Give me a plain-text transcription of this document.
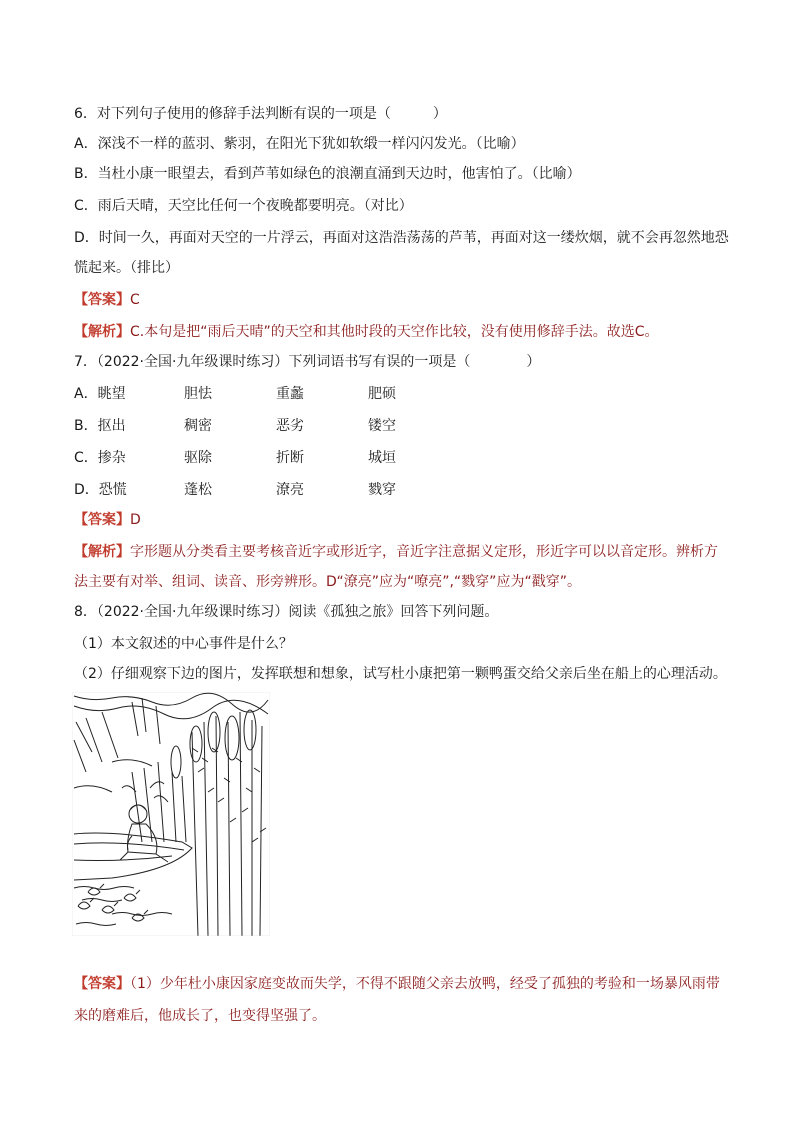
6．对下列句子使用的修辞手法判断有误的一项是（　　　）
A．深浅不一样的蓝羽、紫羽，在阳光下犹如软缎一样闪闪发光。（比喻）
B．当杜小康一眼望去，看到芦苇如绿色的浪潮直涌到天边时，他害怕了。（比喻）
C．雨后天晴，天空比任何一个夜晚都要明亮。（对比）
D．时间一久，再面对天空的一片浮云，再面对这浩浩荡荡的芦苇，再面对这一缕炊烟，就不会再忽然地恐
慌起来。（排比）
【答案】C
【解析】C.本句是把“雨后天晴”的天空和其他时段的天空作比较，没有使用修辞手法。故选C。
7．（2022·全国·九年级课时练习）下列词语书写有误的一项是（　　　　）
A．眺望	胆怯	重蠡	肥硕
B．抠出	稠密	恶劣	镂空
C．掺杂	驱除	折断	城垣
D．恐慌	蓬松	潦亮	戮穿
【答案】D
【解析】字形题从分类看主要考核音近字或形近字，音近字注意据义定形，形近字可以以音定形。辨析方
法主要有对举、组词、读音、形旁辨形。D“潦亮”应为“嘹亮”,“戮穿”应为“戳穿”。
8．（2022·全国·九年级课时练习）阅读《孤独之旅》回答下列问题。
（1）本文叙述的中心事件是什么？
（2）仔细观察下边的图片，发挥联想和想象，试写杜小康把第一颗鸭蛋交给父亲后坐在船上的心理活动。
【答案】（1）少年杜小康因家庭变故而失学，不得不跟随父亲去放鸭，经受了孤独的考验和一场暴风雨带
来的磨难后，他成长了，也变得坚强了。
